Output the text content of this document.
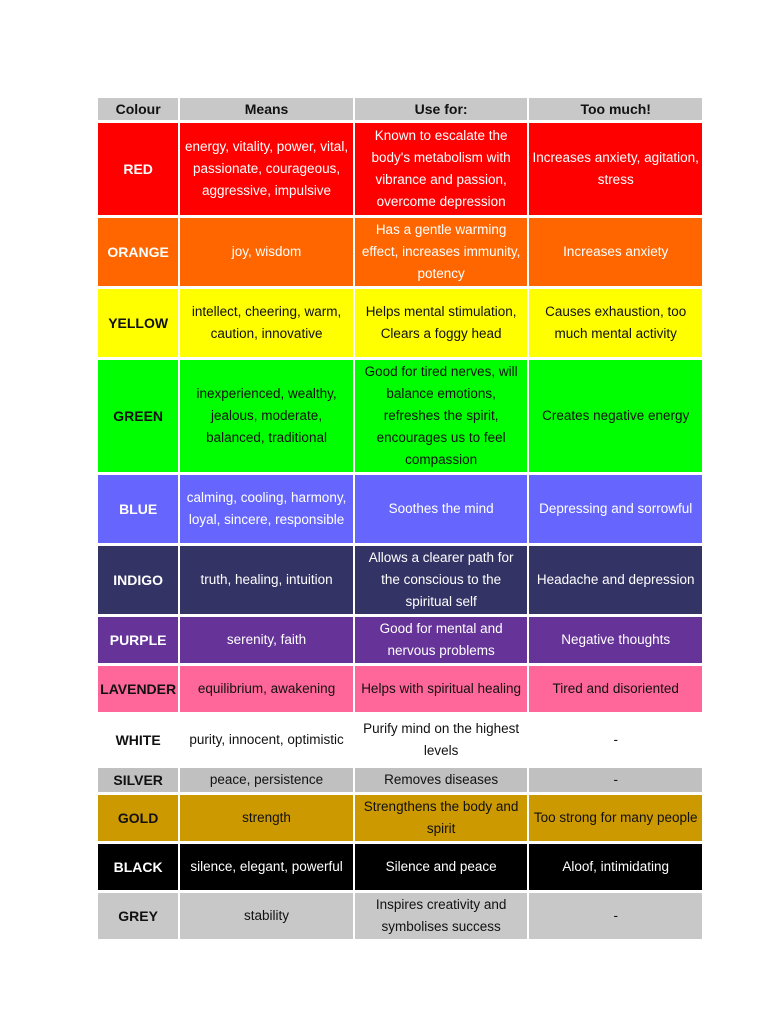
Colour	Means	Use for:	Too much!
RED	energy, vitality, power, vital, passionate, courageous, aggressive, impulsive	Known to escalate the body's metabolism with vibrance and passion, overcome depression	Increases anxiety, agitation, stress
ORANGE	joy, wisdom	Has a gentle warming effect, increases immunity, potency	Increases anxiety
YELLOW	intellect, cheering, warm, caution, innovative	Helps mental stimulation, Clears a foggy head	Causes exhaustion, too much mental activity
GREEN	inexperienced, wealthy, jealous, moderate, balanced, traditional	Good for tired nerves, will balance emotions, refreshes the spirit, encourages us to feel compassion	Creates negative energy
BLUE	calming, cooling, harmony, loyal, sincere, responsible	Soothes the mind	Depressing and sorrowful
INDIGO	truth, healing, intuition	Allows a clearer path for the conscious to the spiritual self	Headache and depression
PURPLE	serenity, faith	Good for mental and nervous problems	Negative thoughts
LAVENDER	equilibrium, awakening	Helps with spiritual healing	Tired and disoriented
WHITE	purity, innocent, optimistic	Purify mind on the highest levels	-
SILVER	peace, persistence	Removes diseases	-
GOLD	strength	Strengthens the body and spirit	Too strong for many people
BLACK	silence, elegant, powerful	Silence and peace	Aloof, intimidating
GREY	stability	Inspires creativity and symbolises success	-
